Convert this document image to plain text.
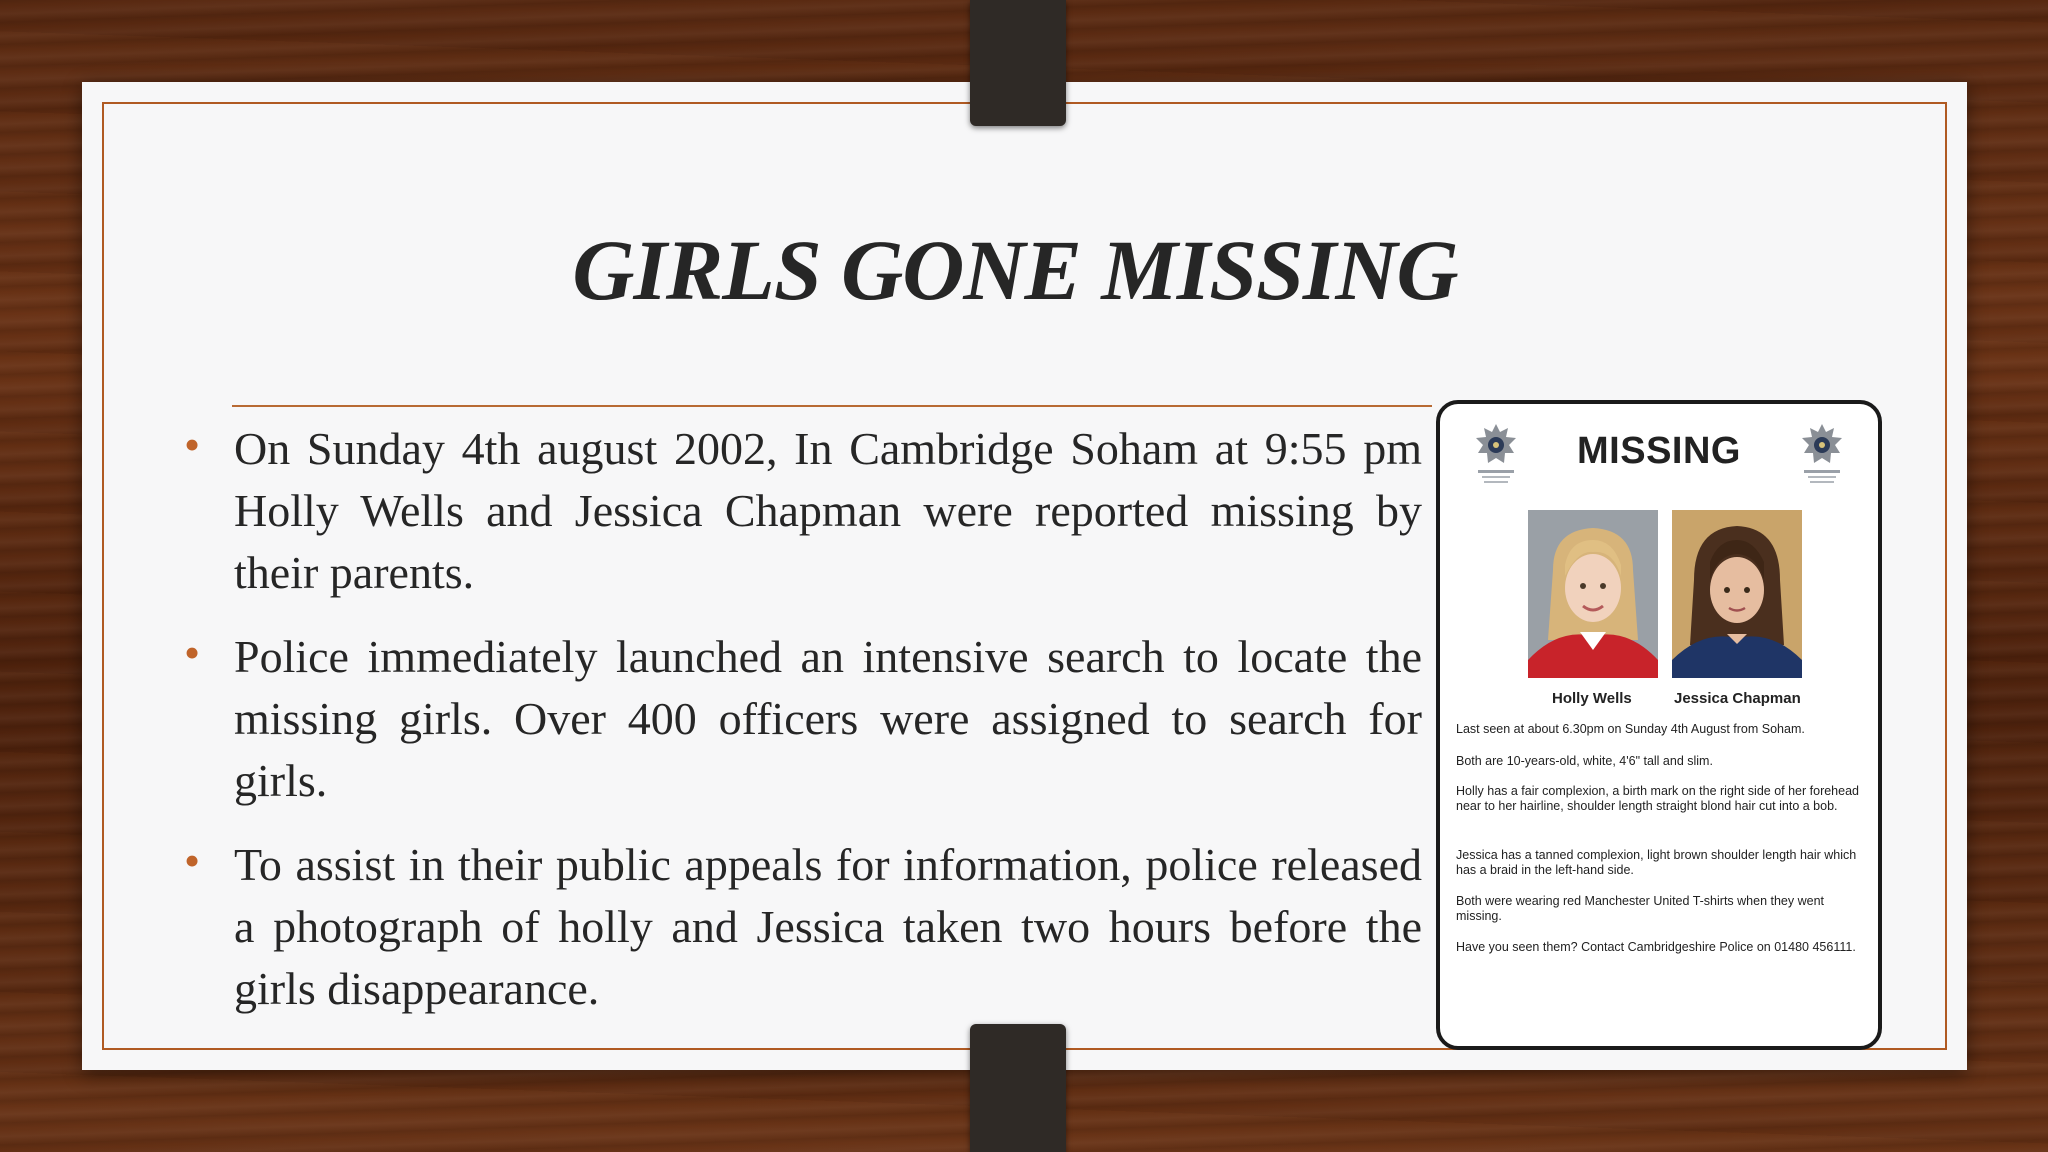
GIRLS GONE MISSING
• On Sunday 4th august 2002, In Cambridge Soham at 9:55 pm Holly Wells and Jessica Chapman were reported missing by their parents.
• Police immediately launched an intensive search to locate the missing girls. Over 400 officers were assigned to search for girls.
• To assist in their public appeals for information, police released a photograph of holly and Jessica taken two hours before the girls disappearance.
MISSING
Holly Wells	Jessica Chapman

Last seen at about 6.30pm on Sunday 4th August from Soham.

Both are 10-years-old, white, 4'6" tall and slim.

Holly has a fair complexion, a birth mark on the right side of her forehead near to her hairline, shoulder length straight blond hair cut into a bob.

Jessica has a tanned complexion, light brown shoulder length hair which has a braid in the left-hand side.

Both were wearing red Manchester United T-shirts when they went missing.

Have you seen them? Contact Cambridgeshire Police on 01480 456111.
